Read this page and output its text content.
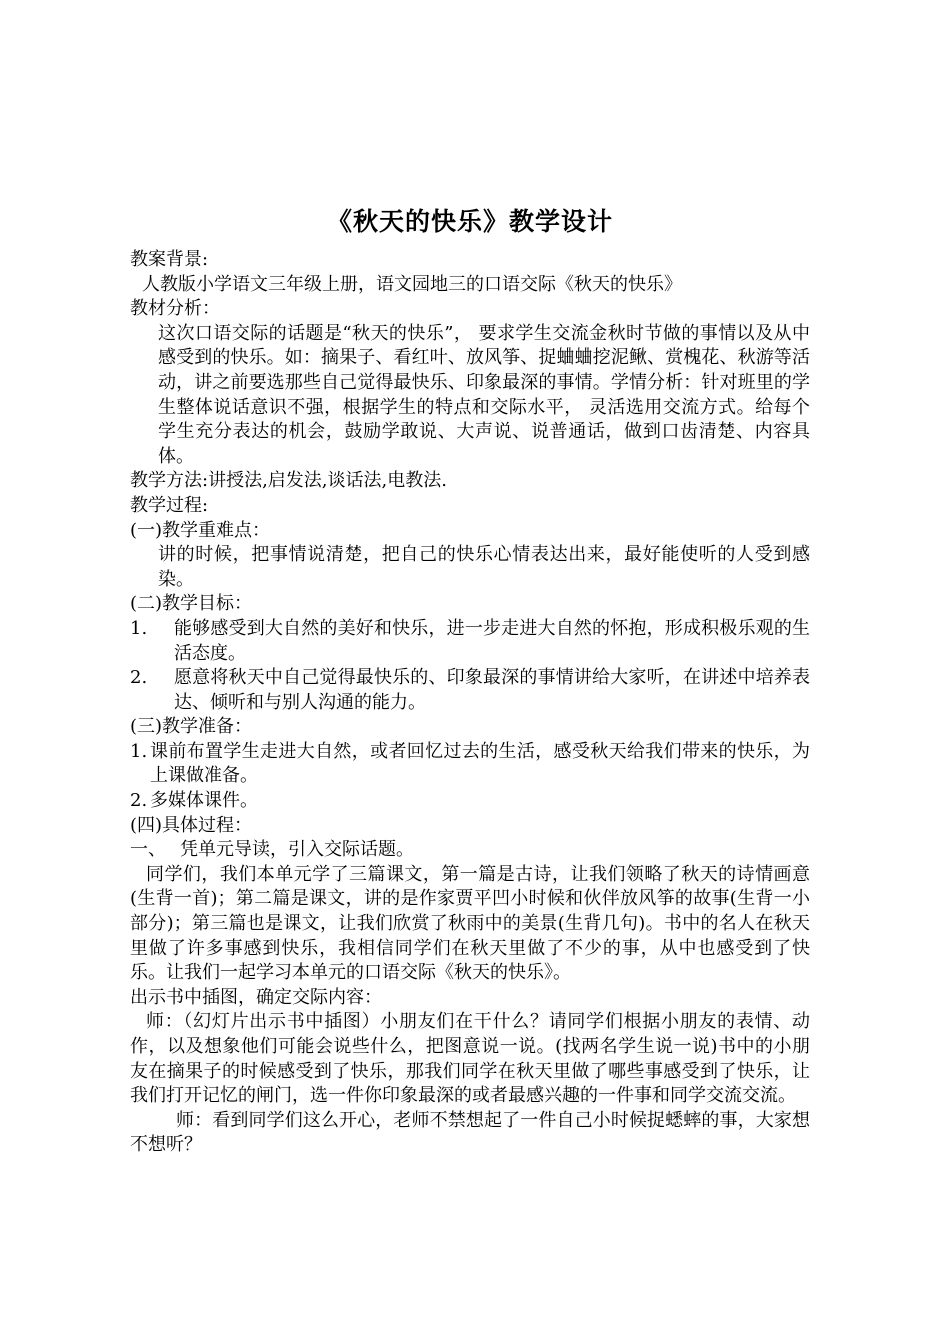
《秋天的快乐》教学设计

教案背景:

人教版小学语文三年级上册，语文园地三的口语交际《秋天的快乐》

教材分析：

这次口语交际的话题是“秋天的快乐”， 要求学生交流金秋时节做的事情以及从中感受到的快乐。如：摘果子、看红叶、放风筝、捉蛐蛐挖泥鳅、赏槐花、秋游等活动，讲之前要选那些自己觉得最快乐、印象最深的事情。学情分析：针对班里的学生整体说话意识不强，根据学生的特点和交际水平， 灵活选用交流方式。给每个学生充分表达的机会，鼓励学敢说、大声说、说普通话，做到口齿清楚、内容具体。

教学方法:讲授法,启发法,谈话法,电教法.

教学过程:

(一)教学重难点：

讲的时候，把事情说清楚，把自己的快乐心情表达出来，最好能使听的人受到感染。

(二)教学目标：

1.	能够感受到大自然的美好和快乐，进一步走进大自然的怀抱，形成积极乐观的生活态度。
2.	愿意将秋天中自己觉得最快乐的、印象最深的事情讲给大家听，在讲述中培养表达、倾听和与别人沟通的能力。

(三)教学准备：

1. 课前布置学生走进大自然，或者回忆过去的生活，感受秋天给我们带来的快乐，为上课做准备。
2. 多媒体课件。

(四)具体过程：

一、 凭单元导读，引入交际话题。

同学们，我们本单元学了三篇课文，第一篇是古诗，让我们领略了秋天的诗情画意(生背一首)；第二篇是课文，讲的是作家贾平凹小时候和伙伴放风筝的故事(生背一小部分)；第三篇也是课文，让我们欣赏了秋雨中的美景(生背几句)。书中的名人在秋天里做了许多事感到快乐，我相信同学们在秋天里做了不少的事，从中也感受到了快乐。让我们一起学习本单元的口语交际《秋天的快乐》。

出示书中插图，确定交际内容：

师：（幻灯片出示书中插图）小朋友们在干什么？请同学们根据小朋友的表情、动作，以及想象他们可能会说些什么，把图意说一说。(找两名学生说一说)书中的小朋友在摘果子的时候感受到了快乐，那我们同学在秋天里做了哪些事感受到了快乐，让我们打开记忆的闸门，选一件你印象最深的或者最感兴趣的一件事和同学交流交流。

师：看到同学们这么开心，老师不禁想起了一件自己小时候捉蟋蟀的事，大家想不想听？
